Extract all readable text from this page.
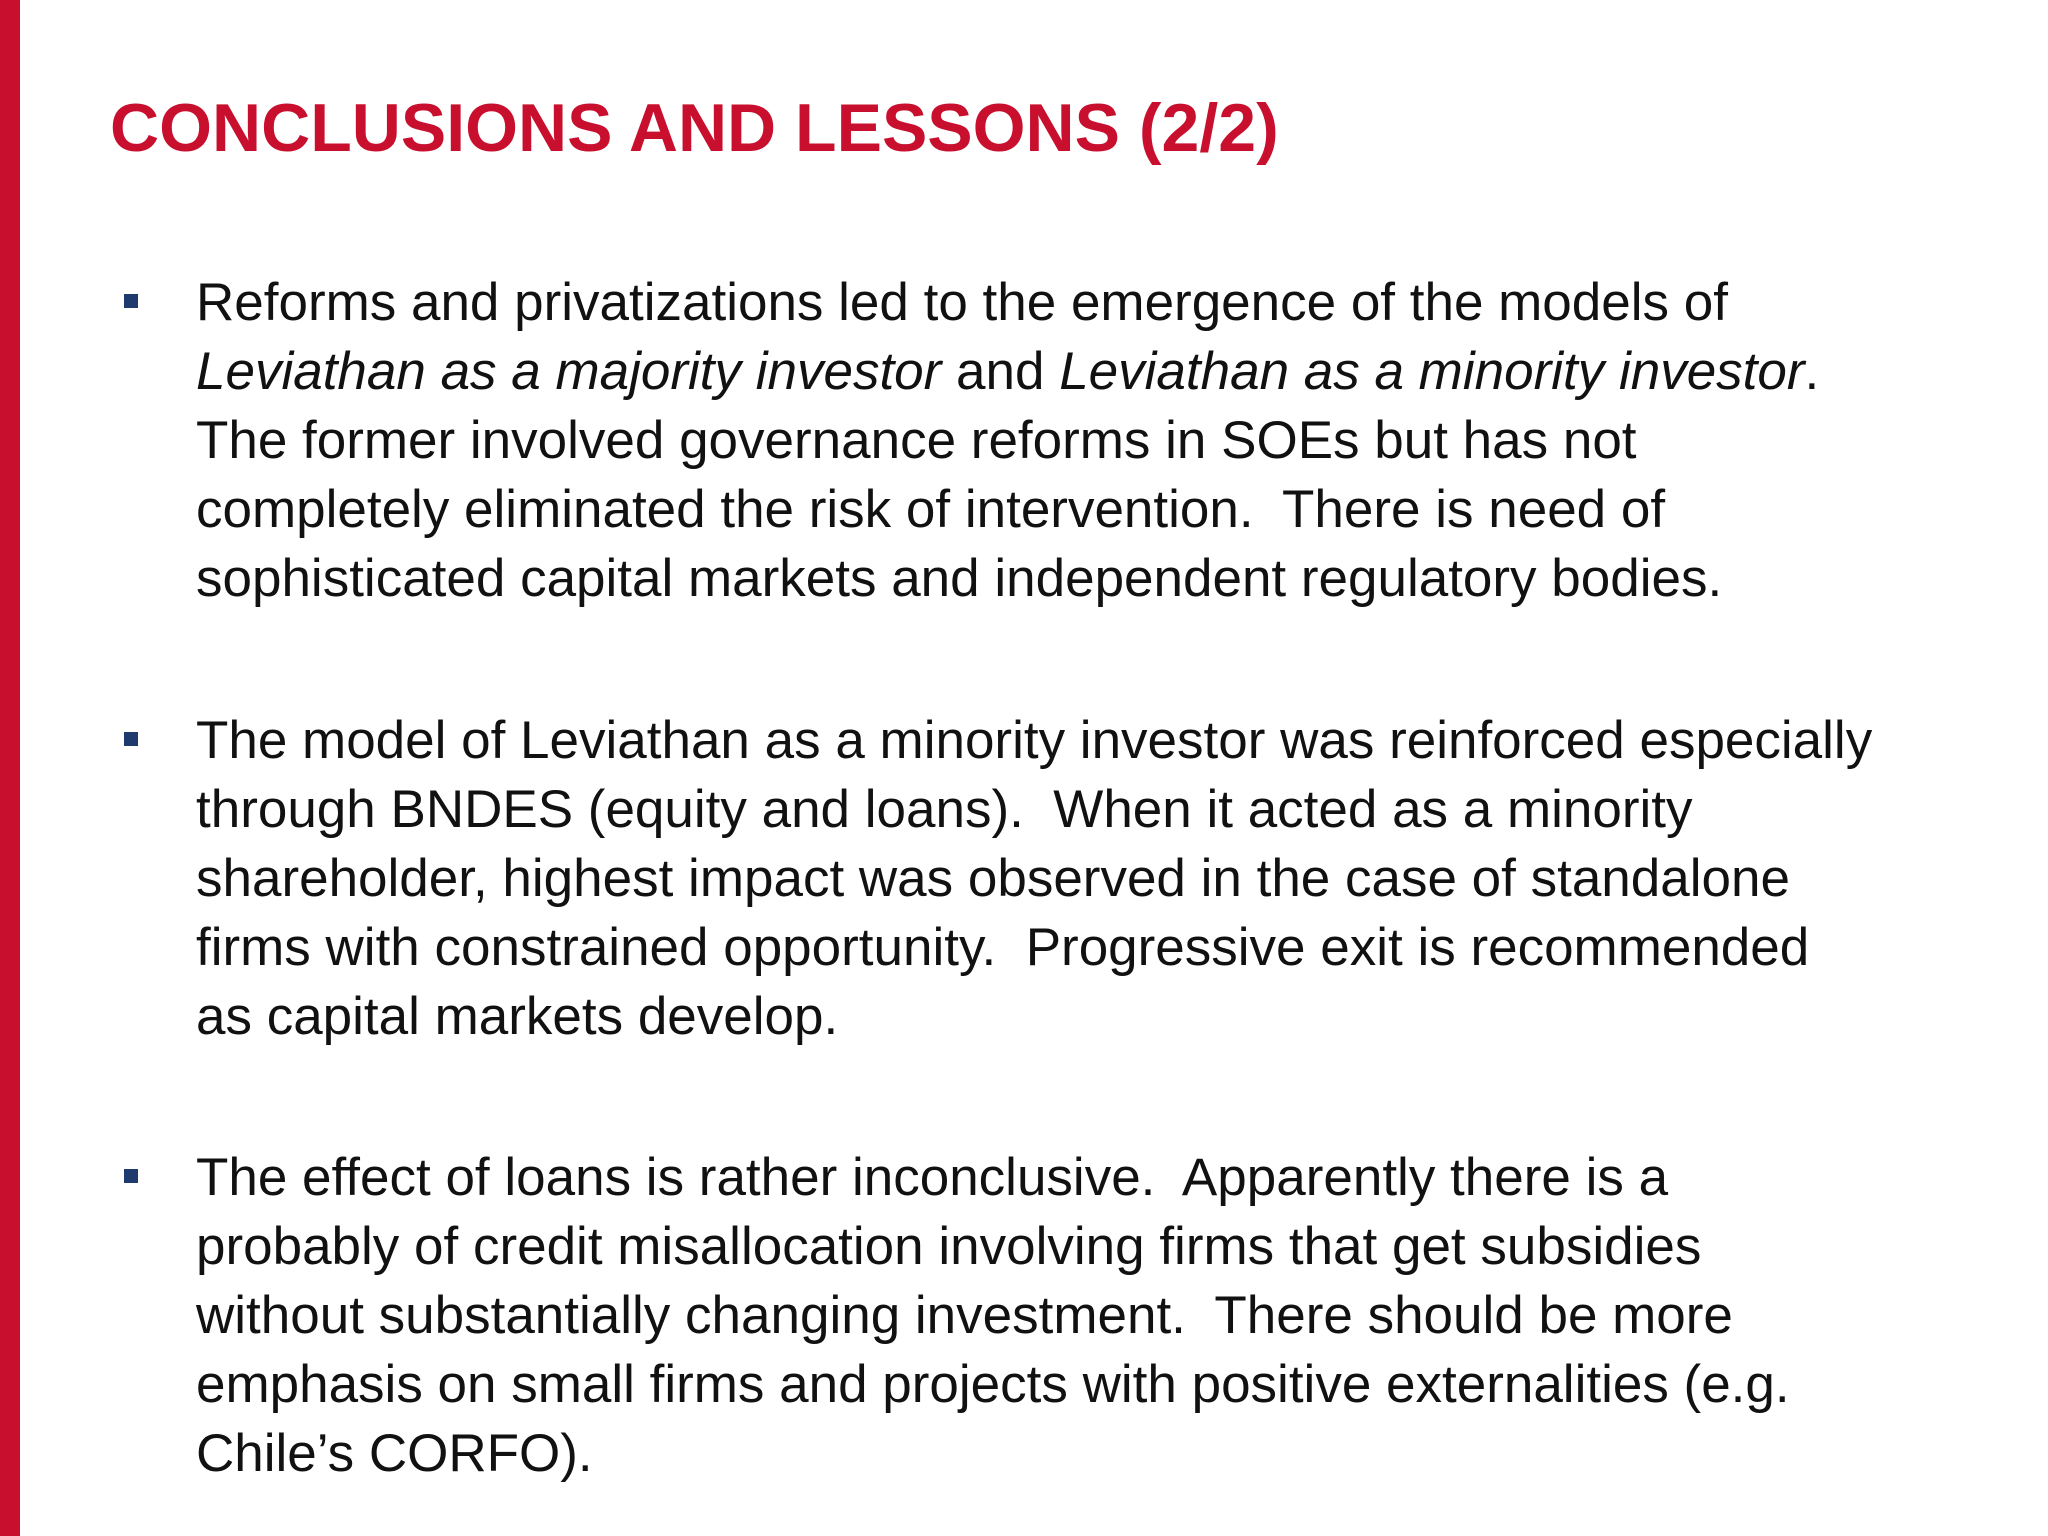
CONCLUSIONS AND LESSONS (2/2)
Reforms and privatizations led to the emergence of the models of
Leviathan as a majority investor and Leviathan as a minority investor.
The former involved governance reforms in SOEs but has not
completely eliminated the risk of intervention.  There is need of
sophisticated capital markets and independent regulatory bodies.
The model of Leviathan as a minority investor was reinforced especially
through BNDES (equity and loans).  When it acted as a minority
shareholder, highest impact was observed in the case of standalone
firms with constrained opportunity.  Progressive exit is recommended
as capital markets develop.
The effect of loans is rather inconclusive.  Apparently there is a
probably of credit misallocation involving firms that get subsidies
without substantially changing investment.  There should be more
emphasis on small firms and projects with positive externalities (e.g.
Chile’s CORFO).
